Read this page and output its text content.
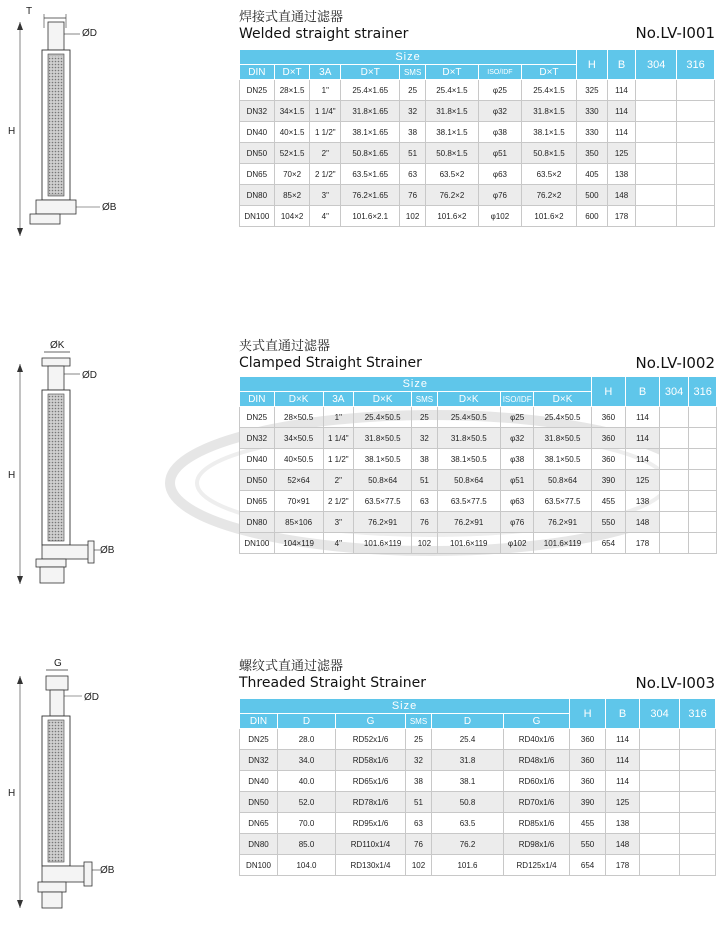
T
ØD
ØB
H
焊接式直通过滤器
Welded straight strainer	No.LV-I001
Size								H	B	304	316
DIN	D×T	3A	D×T	SMS	D×T	ISO/IDF	D×T				
DN25	28×1.5	1"	25.4×1.65	25	25.4×1.5	φ25	25.4×1.5	325	114		
DN32	34×1.5	1 1/4"	31.8×1.65	32	31.8×1.5	φ32	31.8×1.5	330	114		
DN40	40×1.5	1 1/2"	38.1×1.65	38	38.1×1.5	φ38	38.1×1.5	330	114		
DN50	52×1.5	2"	50.8×1.65	51	50.8×1.5	φ51	50.8×1.5	350	125		
DN65	70×2	2 1/2"	63.5×1.65	63	63.5×2	φ63	63.5×2	405	138		
DN80	85×2	3"	76.2×1.65	76	76.2×2	φ76	76.2×2	500	148		
DN100	104×2	4"	101.6×2.1	102	101.6×2	φ102	101.6×2	600	178		
ØK
ØD
ØB
H
夹式直通过滤器
Clamped Straight Strainer	No.LV-I002
Size								H	B	304	316
DIN	D×K	3A	D×K	SMS	D×K	ISO/IDF	D×K				
DN25	28×50.5	1"	25.4×50.5	25	25.4×50.5	φ25	25.4×50.5	360	114		
DN32	34×50.5	1 1/4"	31.8×50.5	32	31.8×50.5	φ32	31.8×50.5	360	114		
DN40	40×50.5	1 1/2"	38.1×50.5	38	38.1×50.5	φ38	38.1×50.5	360	114		
DN50	52×64	2"	50.8×64	51	50.8×64	φ51	50.8×64	390	125		
DN65	70×91	2 1/2"	63.5×77.5	63	63.5×77.5	φ63	63.5×77.5	455	138		
DN80	85×106	3"	76.2×91	76	76.2×91	φ76	76.2×91	550	148		
DN100	104×119	4"	101.6×119	102	101.6×119	φ102	101.6×119	654	178		
G
ØD
ØB
H
螺纹式直通过滤器
Threaded Straight Strainer	No.LV-I003
Size						H	B	304	316
DIN	D	G	SMS	D	G				
DN25	28.0	RD52x1/6	25	25.4	RD40x1/6	360	114		
DN32	34.0	RD58x1/6	32	31.8	RD48x1/6	360	114		
DN40	40.0	RD65x1/6	38	38.1	RD60x1/6	360	114		
DN50	52.0	RD78x1/6	51	50.8	RD70x1/6	390	125		
DN65	70.0	RD95x1/6	63	63.5	RD85x1/6	455	138		
DN80	85.0	RD110x1/4	76	76.2	RD98x1/6	550	148		
DN100	104.0	RD130x1/4	102	101.6	RD125x1/4	654	178		
